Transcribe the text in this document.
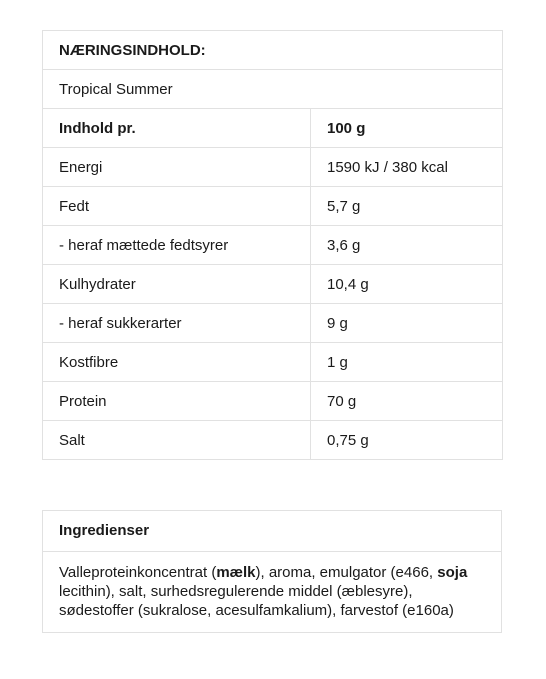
NÆRINGSINDHOLD:	
Tropical Summer	
Indhold pr.	100 g
Energi	1590 kJ / 380 kcal
Fedt	5,7 g
- heraf mættede fedtsyrer	3,6 g
Kulhydrater	10,4 g
- heraf sukkerarter	9 g
Kostfibre	1 g
Protein	70 g
Salt	0,75 g
Ingredienser
Valleproteinkoncentrat (mælk), aroma, emulgator (e466, soja lecithin), salt, surhedsregulerende middel (æblesyre), sødestoffer (sukralose, acesulfamkalium), farvestof (e160a)
